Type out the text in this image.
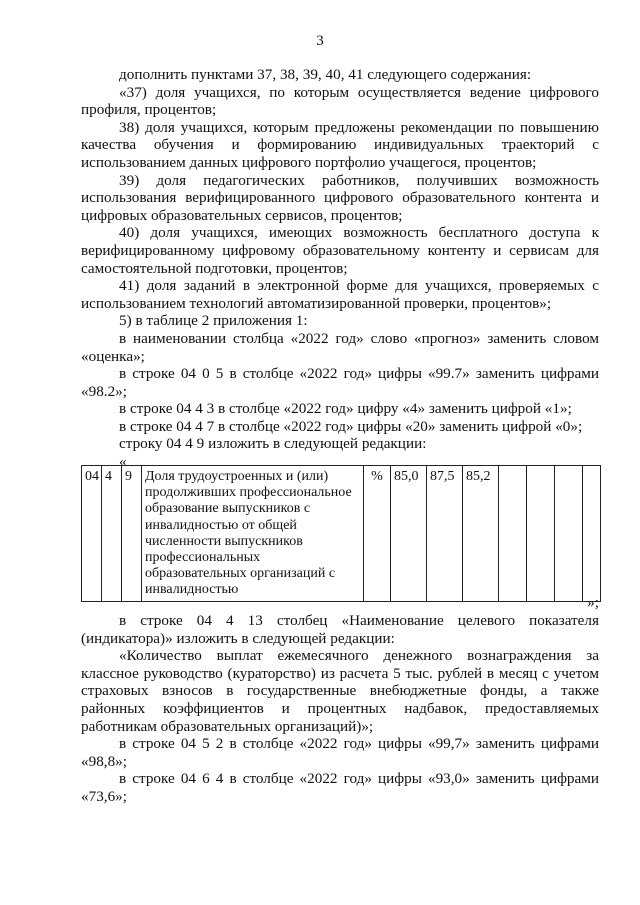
3

дополнить пунктами 37, 38, 39, 40, 41 следующего содержания:

«37) доля учащихся, по которым осуществляется ведение цифрового профиля, процентов;

38) доля учащихся, которым предложены рекомендации по повышению качества обучения и формированию индивидуальных траекторий с использованием данных цифрового портфолио учащегося, процентов;

39) доля педагогических работников, получивших возможность использования верифицированного цифрового образовательного контента и цифровых образовательных сервисов, процентов;

40) доля учащихся, имеющих возможность бесплатного доступа к верифицированному цифровому образовательному контенту и сервисам для самостоятельной подготовки, процентов;

41) доля заданий в электронной форме для учащихся, проверяемых с использованием технологий автоматизированной проверки, процентов»;

5) в таблице 2 приложения 1:

в наименовании столбца «2022 год» слово «прогноз» заменить словом «оценка»;

в строке 04 0 5 в столбце «2022 год» цифры «99.7» заменить цифрами «98.2»;

в строке 04 4 3 в столбце «2022 год» цифру «4» заменить цифрой «1»;

в строке 04 4 7 в столбце «2022 год» цифры «20» заменить цифрой «0»;

строку 04 4 9 изложить в следующей редакции:

«

04	4	9	Доля трудоустроенных и (или) продолживших профессиональное образование выпускников с инвалидностью от общей численности выпускников профессиональных образовательных организаций с инвалидностью	%	85,0	87,5	85,2				
»;

в строке 04 4 13 столбец «Наименование целевого показателя (индикатора)» изложить в следующей редакции:

«Количество выплат ежемесячного денежного вознаграждения за классное руководство (кураторство) из расчета 5 тыс. рублей в месяц с учетом страховых взносов в государственные внебюджетные фонды, а также районных коэффициентов и процентных надбавок, предоставляемых работникам образовательных организаций)»;

в строке 04 5 2 в столбце «2022 год» цифры «99,7» заменить цифрами «98,8»;

в строке 04 6 4 в столбце «2022 год» цифры «93,0» заменить цифрами «73,6»;
